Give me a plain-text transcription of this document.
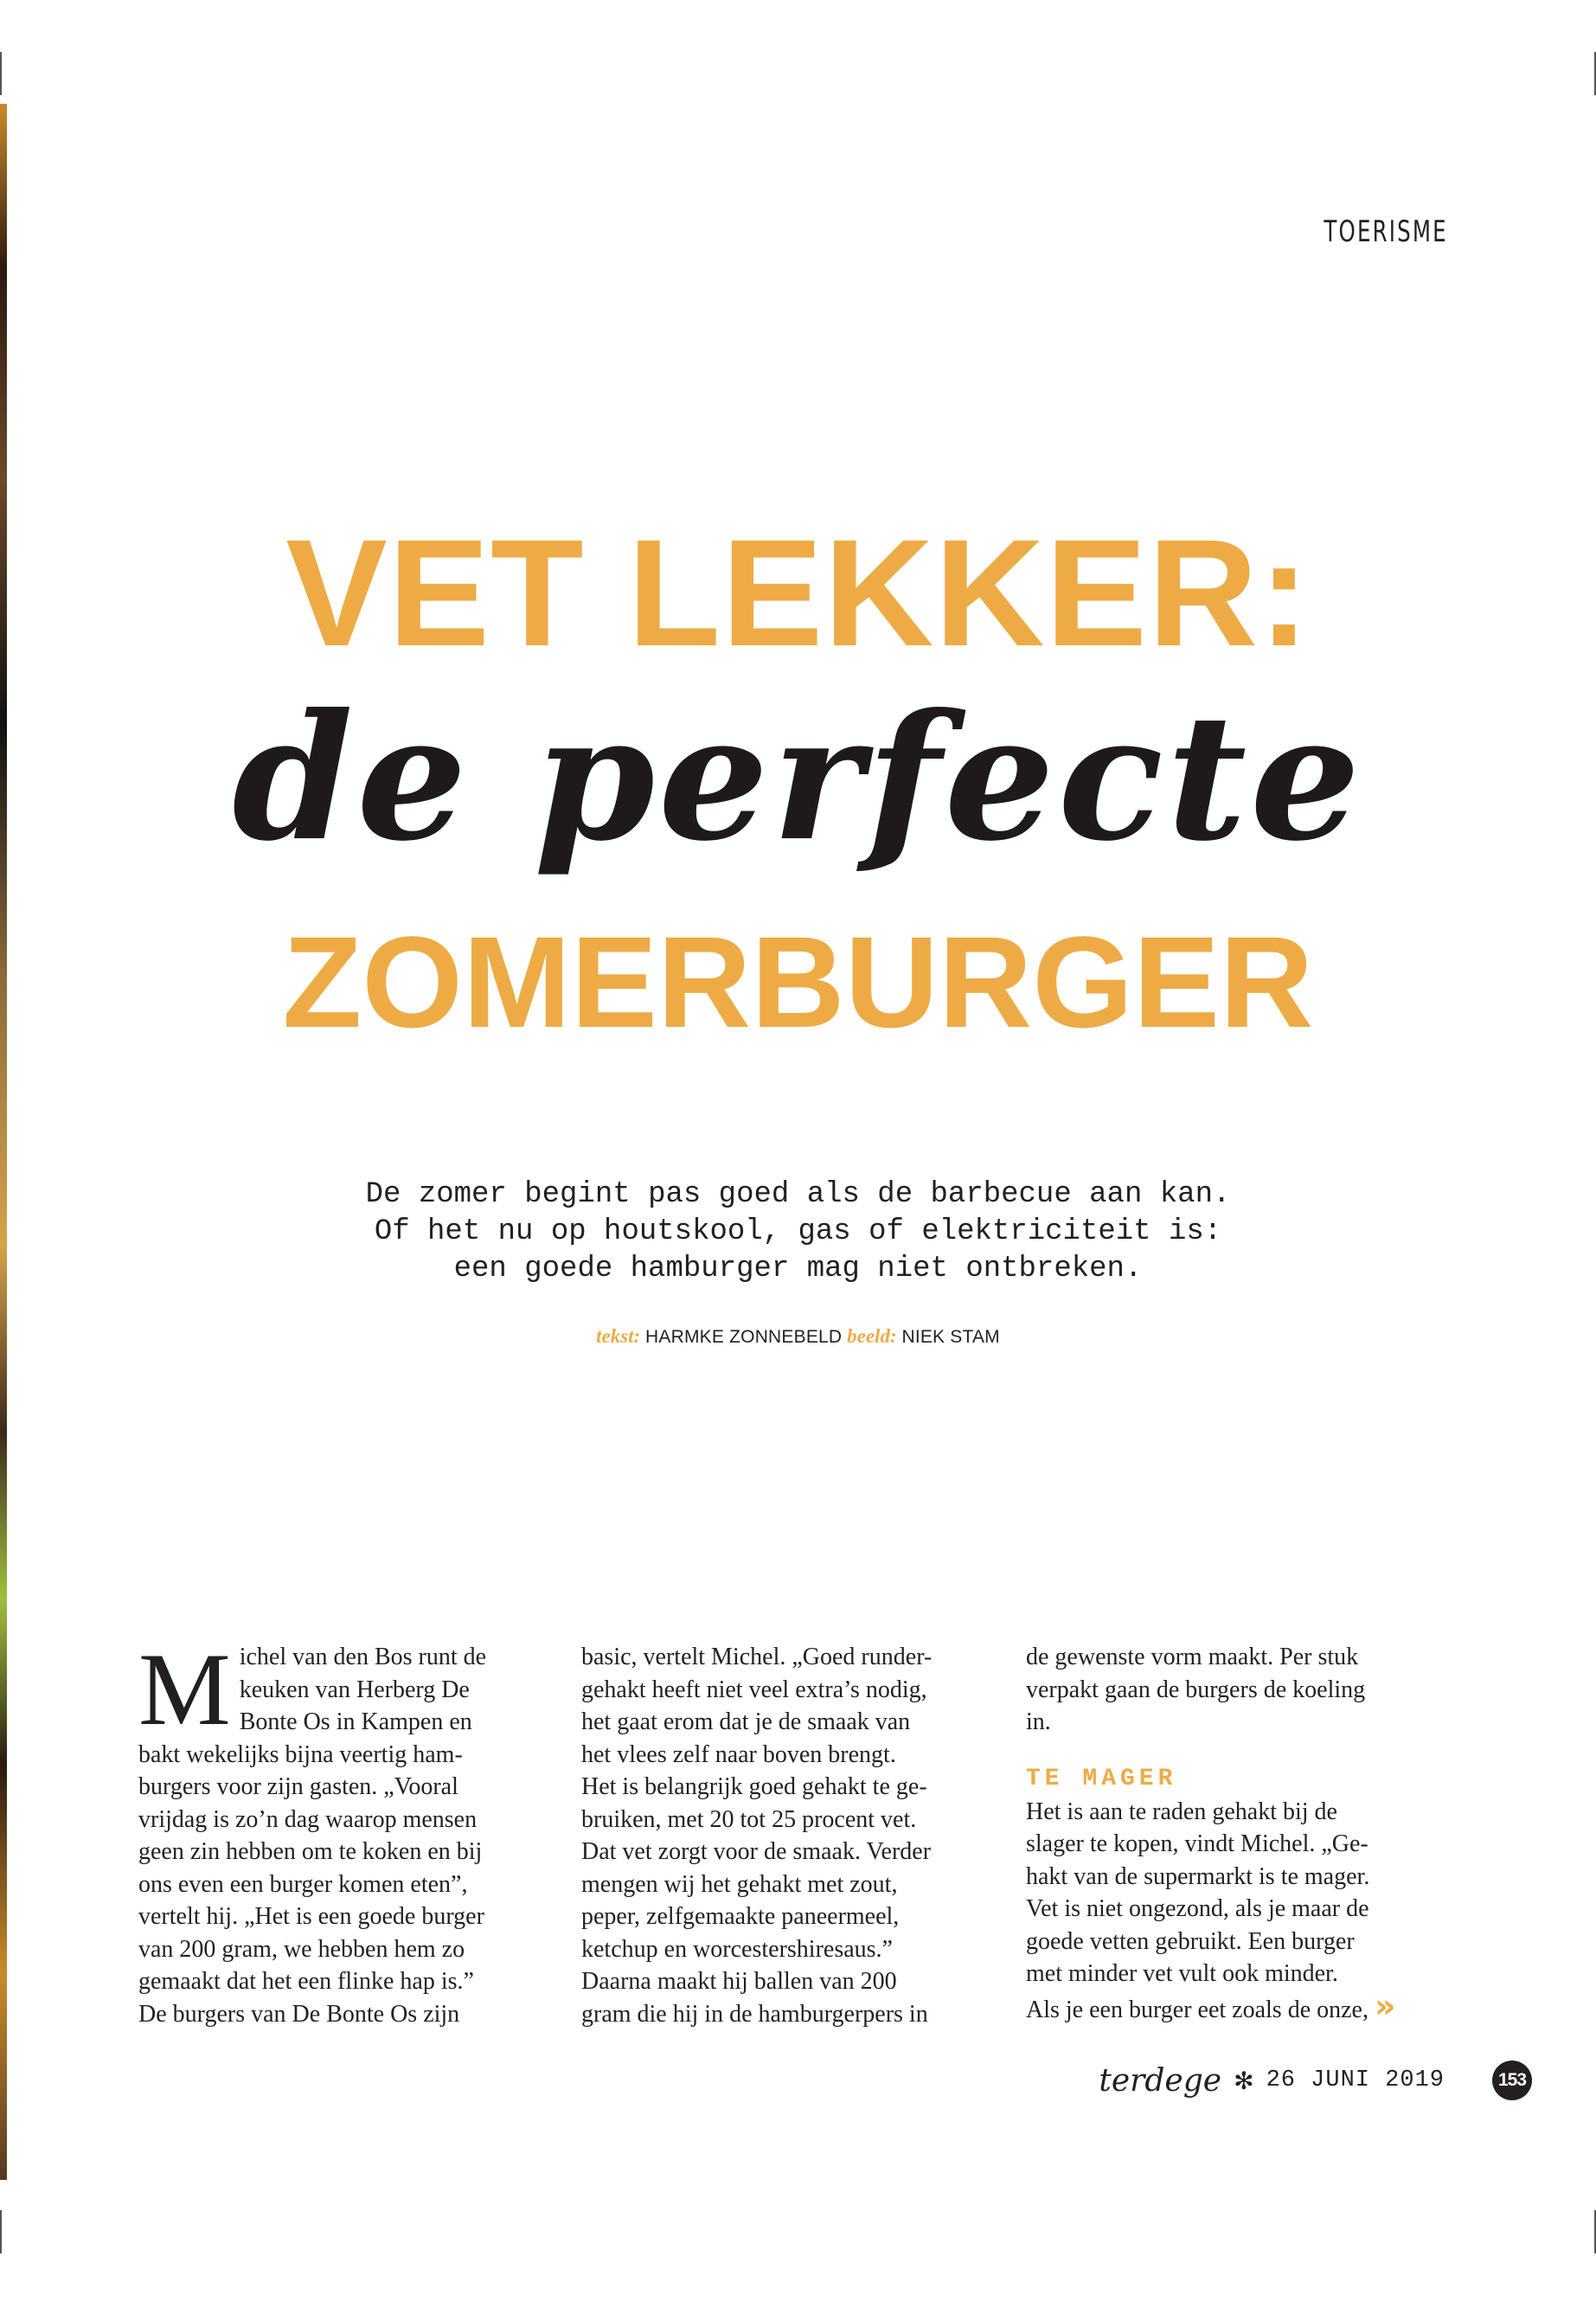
TOERISME
VET LEKKER:
de perfecte
ZOMERBURGER
De zomer begint pas goed als de barbecue aan kan.
Of het nu op houtskool, gas of elektriciteit is:
een goede hamburger mag niet ontbreken.
tekst: HARMKE ZONNEBELD beeld: NIEK STAM
M ichel van den Bos runt de
keuken van Herberg De
Bonte Os in Kampen en
bakt wekelijks bijna veertig ham-
burgers voor zijn gasten. „Vooral
vrijdag is zo’n dag waarop mensen
geen zin hebben om te koken en bij
ons even een burger komen eten”,
vertelt hij. „Het is een goede burger
van 200 gram, we hebben hem zo
gemaakt dat het een flinke hap is.”
De burgers van De Bonte Os zijn

basic, vertelt Michel. „Goed runder-
gehakt heeft niet veel extra’s nodig,
het gaat erom dat je de smaak van
het vlees zelf naar boven brengt.
Het is belangrijk goed gehakt te ge-
bruiken, met 20 tot 25 procent vet.
Dat vet zorgt voor de smaak. Verder
mengen wij het gehakt met zout,
peper, zelfgemaakte paneermeel,
ketchup en worcestershiresaus.”
Daarna maakt hij ballen van 200
gram die hij in de hamburgerpers in

de gewenste vorm maakt. Per stuk
verpakt gaan de burgers de koeling
in.

TE MAGER

Het is aan te raden gehakt bij de
slager te kopen, vindt Michel. „Ge-
hakt van de supermarkt is te mager.
Vet is niet ongezond, als je maar de
goede vetten gebruikt. Een burger
met minder vet vult ook minder.
Als je een burger eet zoals de onze, »

terdege ✻ 26 JUNI 2019	153
